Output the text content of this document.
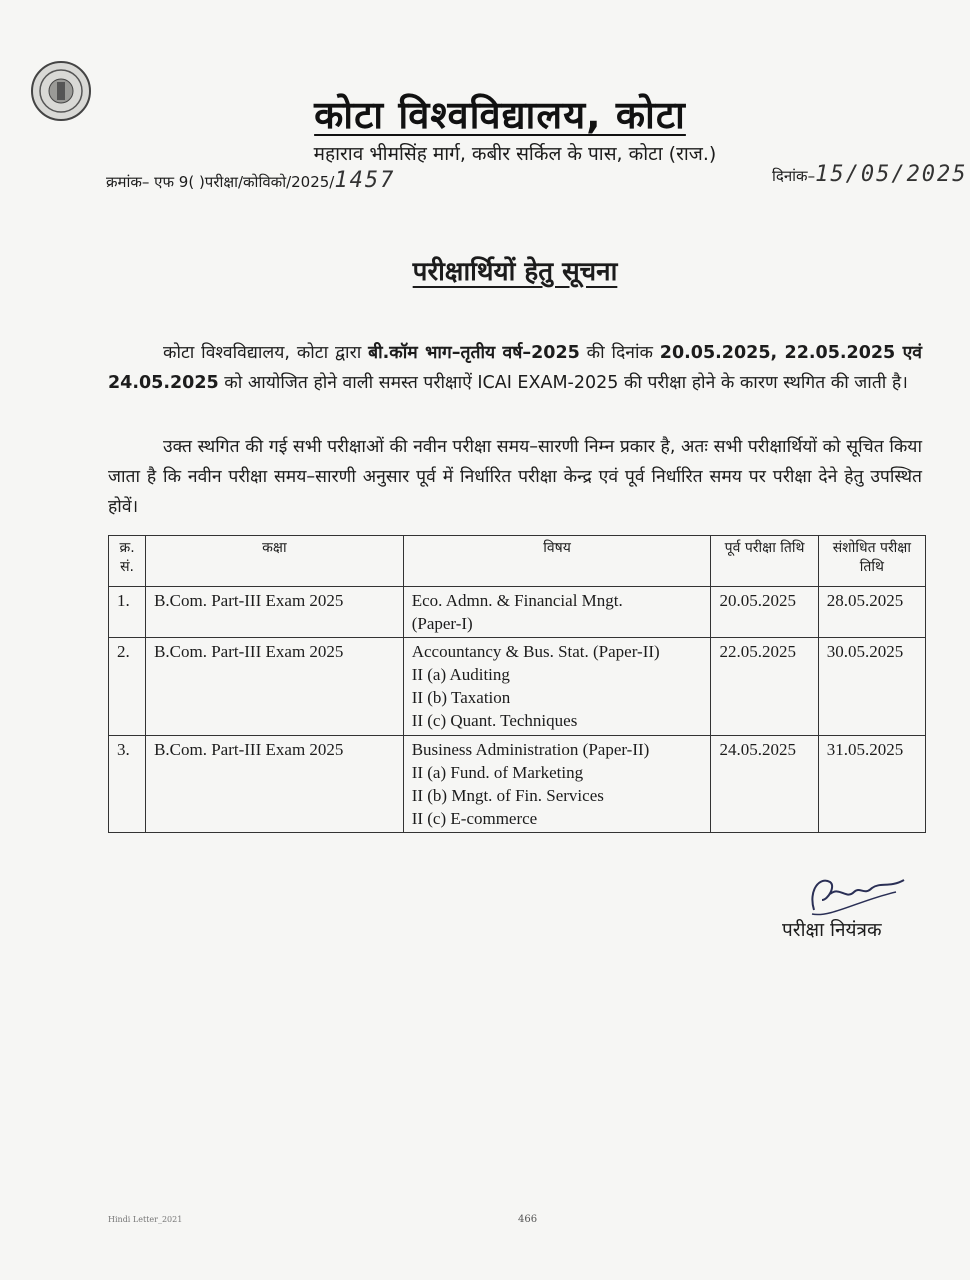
कोटा विश्वविद्यालय, कोटा
महाराव भीमसिंह मार्ग, कबीर सर्किल के पास, कोटा (राज.)
क्रमांक– एफ 9( )परीक्षा/कोविको/2025/1457	दिनांक–15/05/2025
परीक्षार्थियों हेतु सूचना
कोटा विश्वविद्यालय, कोटा द्वारा बी.कॉम भाग–तृतीय वर्ष–2025 की दिनांक 20.05.2025, 22.05.2025 एवं 24.05.2025 को आयोजित होने वाली समस्त परीक्षाऐं ICAI EXAM-2025 की परीक्षा होने के कारण स्थगित की जाती है।
उक्त स्थगित की गई सभी परीक्षाओं की नवीन परीक्षा समय–सारणी निम्न प्रकार है, अतः सभी परीक्षार्थियों को सूचित किया जाता है कि नवीन परीक्षा समय–सारणी अनुसार पूर्व में निर्धारित परीक्षा केन्द्र एवं पूर्व निर्धारित समय पर परीक्षा देने हेतु उपस्थित होवें।
क्र. सं.	कक्षा	विषय	पूर्व परीक्षा तिथि	संशोधित परीक्षा तिथि
1.	B.Com. Part-III Exam 2025	Eco. Admn. & Financial Mngt.
(Paper-I)	20.05.2025	28.05.2025
2.	B.Com. Part-III Exam 2025	Accountancy & Bus. Stat. (Paper-II)
II (a) Auditing
II (b) Taxation
II (c) Quant. Techniques	22.05.2025	30.05.2025
3.	B.Com. Part-III Exam 2025	Business Administration (Paper-II)
II (a) Fund. of Marketing
II (b) Mngt. of Fin. Services
II (c) E-commerce	24.05.2025	31.05.2025
परीक्षा नियंत्रक
Hindi Letter_2021	466
